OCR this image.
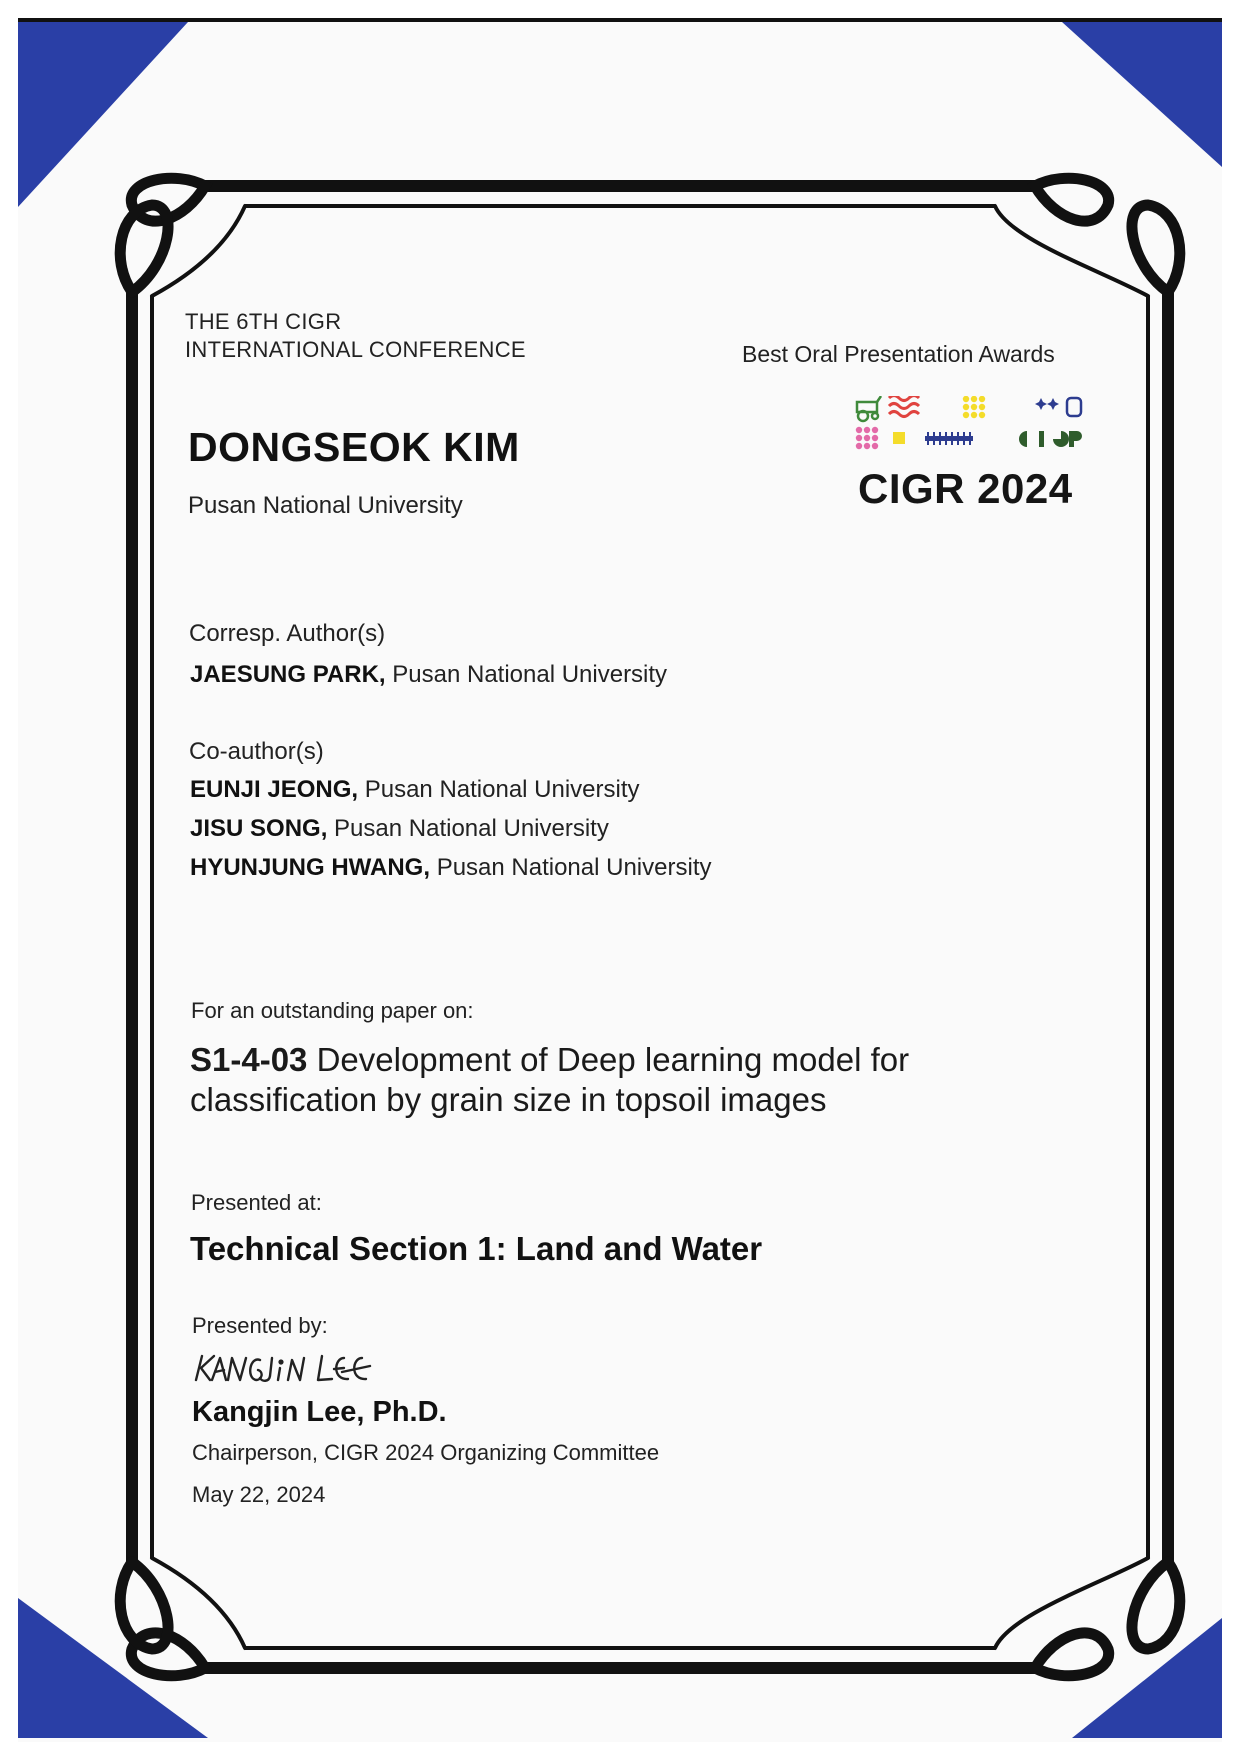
THE 6TH CIGR
INTERNATIONAL CONFERENCE	Best Oral Presentation Awards
CIGR 2024
DONGSEOK KIM
Pusan National University
Corresp. Author(s)
JAESUNG PARK, Pusan National University
Co-author(s)
EUNJI JEONG, Pusan National University
JISU SONG, Pusan National University
HYUNJUNG HWANG, Pusan National University
For an outstanding paper on:
S1-4-03 Development of Deep learning model for
classification by grain size in topsoil images
Presented at:
Technical Section 1: Land and Water
Presented by:
Kangjin Lee, Ph.D.
Chairperson, CIGR 2024 Organizing Committee
May 22, 2024
